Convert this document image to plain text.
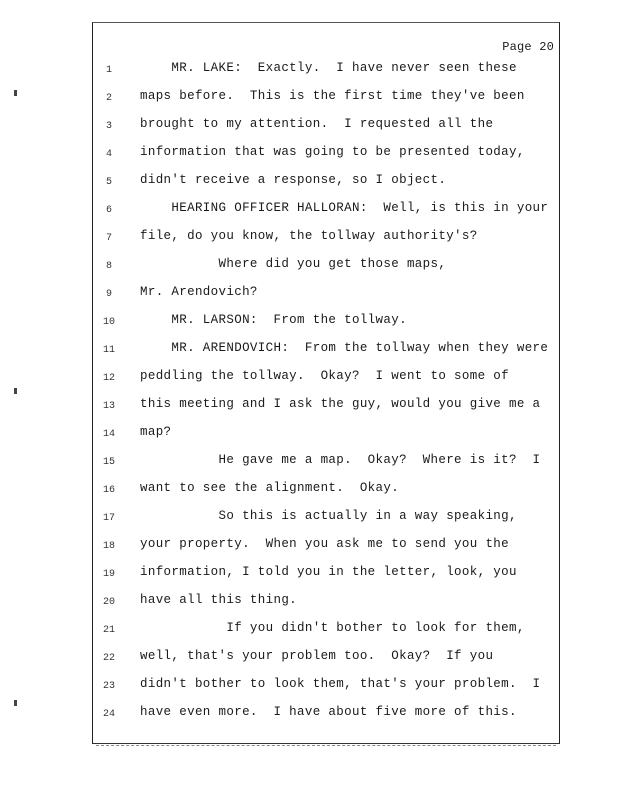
Page 20
1	MR. LAKE:  Exactly.  I have never seen these
2	maps before.  This is the first time they've been
3	brought to my attention.  I requested all the
4	information that was going to be presented today,
5	didn't receive a response, so I object.
6	HEARING OFFICER HALLORAN:  Well, is this in your
7	file, do you know, the tollway authority's?
8	Where did you get those maps,
9	Mr. Arendovich?
10	MR. LARSON:  From the tollway.
11	MR. ARENDOVICH:  From the tollway when they were
12	peddling the tollway.  Okay?  I went to some of
13	this meeting and I ask the guy, would you give me a
14	map?
15	He gave me a map.  Okay?  Where is it?  I
16	want to see the alignment.  Okay.
17	So this is actually in a way speaking,
18	your property.  When you ask me to send you the
19	information, I told you in the letter, look, you
20	have all this thing.
21	If you didn't bother to look for them,
22	well, that's your problem too.  Okay?  If you
23	didn't bother to look them, that's your problem.  I
24	have even more.  I have about five more of this.
